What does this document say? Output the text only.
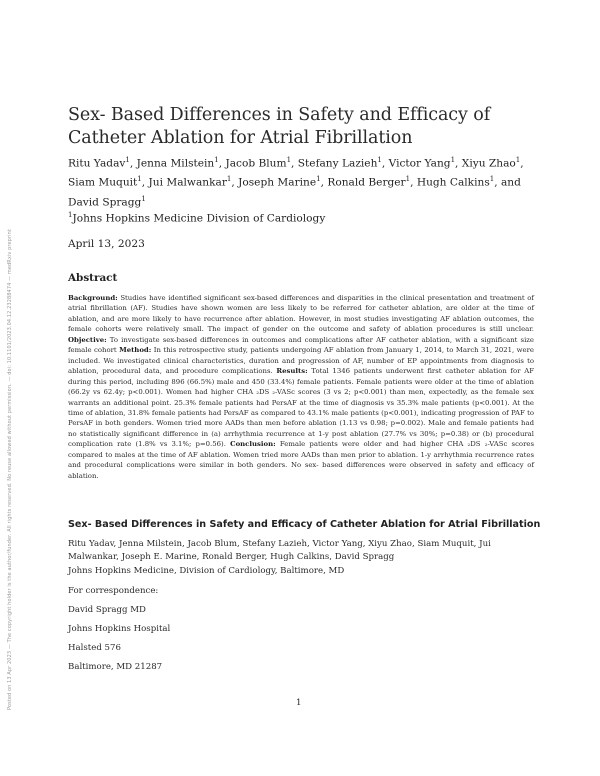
Posted on 13 Apr 2023 — The copyright holder is the author/funder. All rights reserved. No reuse allowed without permission. — doi: 10.1101/2023.04.12.23288474 — medRxiv preprint
Sex- Based Differences in Safety and Efficacy of Catheter Ablation for Atrial Fibrillation
Ritu Yadav$^1$, Jenna Milstein$^1$, Jacob Blum$^1$, Stefany Lazieh$^1$, Victor Yang$^1$, Xiyu Zhao$^1$, Siam Muquit$^1$, Jui Malwankar$^1$, Joseph Marine$^1$, Ronald Berger$^1$, Hugh Calkins$^1$, and David Spragg$^1$
$^1$Johns Hopkins Medicine Division of Cardiology
April 13, 2023
Abstract
Background: Studies have identified significant sex-based differences and disparities in the clinical presentation and treatment of atrial fibrillation (AF). Studies have shown women are less likely to be referred for catheter ablation, are older at the time of ablation, and are more likely to have recurrence after ablation. However, in most studies investigating AF ablation outcomes, the female cohorts were relatively small. The impact of gender on the outcome and safety of ablation procedures is still unclear. Objective: To investigate sex-based differences in outcomes and complications after AF catheter ablation, with a significant size female cohort Method: In this retrospective study, patients undergoing AF ablation from January 1, 2014, to March 31, 2021, were included. We investigated clinical characteristics, duration and progression of AF, number of EP appointments from diagnosis to ablation, procedural data, and procedure complications. Results: Total 1346 patients underwent first catheter ablation for AF during this period, including 896 (66.5%) male and 450 (33.4%) female patients. Female patients were older at the time of ablation (66.2y vs 62.4y; p<0.001). Women had higher CHA ₂DS ₂-VASc scores (3 vs 2; p<0.001) than men, expectedly, as the female sex warrants an additional point. 25.3% female patients had PersAF at the time of diagnosis vs 35.3% male patients (p<0.001). At the time of ablation, 31.8% female patients had PersAF as compared to 43.1% male patients (p<0.001), indicating progression of PAF to PersAF in both genders. Women tried more AADs than men before ablation (1.13 vs 0.98; p=0.002). Male and female patients had no statistically significant difference in (a) arrhythmia recurrence at 1-y post ablation (27.7% vs 30%; p=0.38) or (b) procedural complication rate (1.8% vs 3.1%; p=0.56). Conclusion: Female patients were older and had higher CHA ₂DS ₂-VASc scores compared to males at the time of AF ablation. Women tried more AADs than men prior to ablation. 1-y arrhythmia recurrence rates and procedural complications were similar in both genders. No sex- based differences were observed in safety and efficacy of ablation.
Sex- Based Differences in Safety and Efficacy of Catheter Ablation for Atrial Fibrillation
Ritu Yadav, Jenna Milstein, Jacob Blum, Stefany Lazieh, Victor Yang, Xiyu Zhao, Siam Muquit, Jui Malwankar, Joseph E. Marine, Ronald Berger, Hugh Calkins, David Spragg
Johns Hopkins Medicine, Division of Cardiology, Baltimore, MD
For correspondence:
David Spragg MD
Johns Hopkins Hospital
Halsted 576
Baltimore, MD 21287
1
